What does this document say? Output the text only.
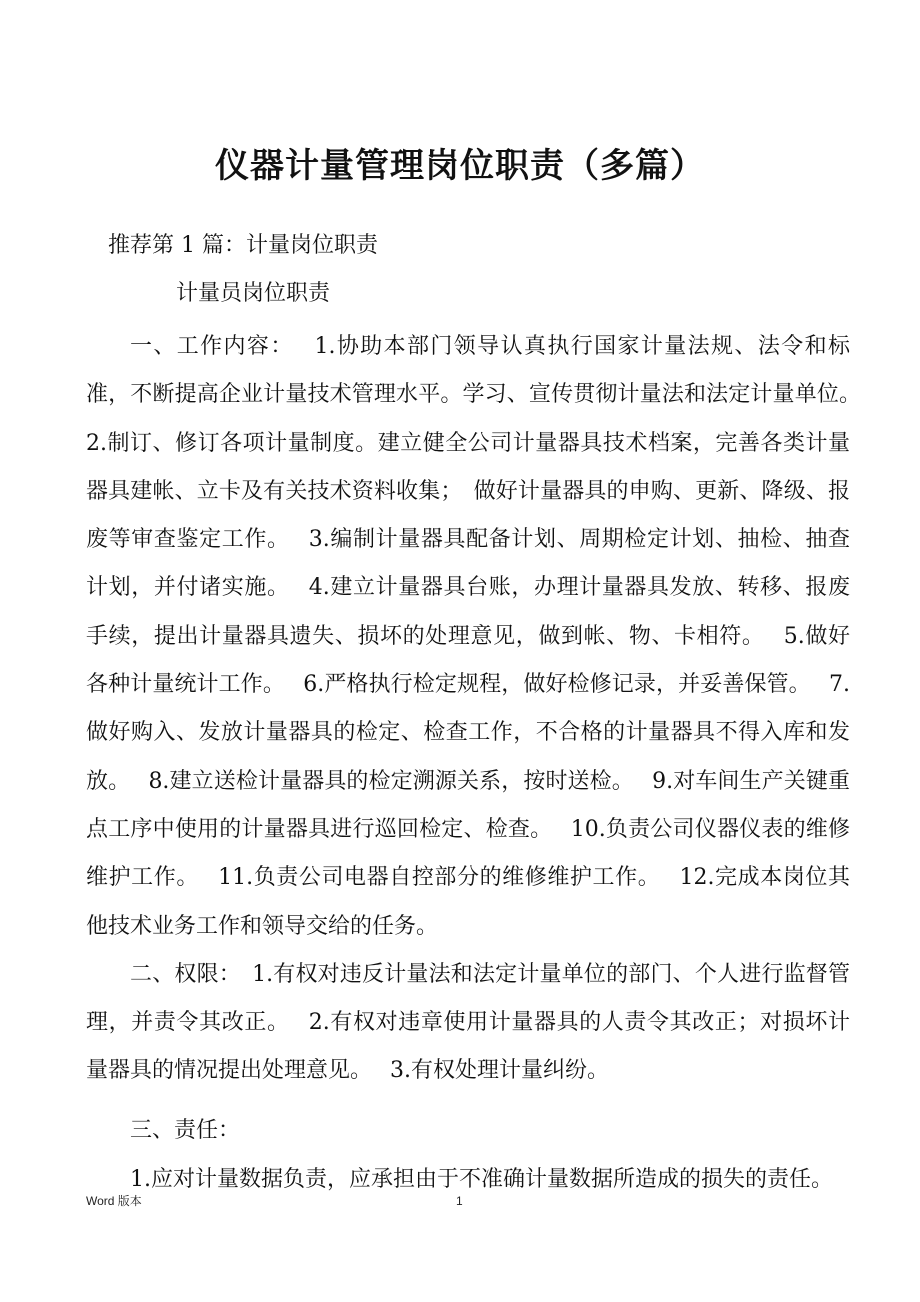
仪器计量管理岗位职责（多篇）
推荐第 1 篇：计量岗位职责
计量员岗位职责

一、工作内容：　 1.协助本部门领导认真执行国家计量法规、法令和标准，不断提高企业计量技术管理水平。学习、宣传贯彻计量法和法定计量单位。　 2.制订、修订各项计量制度。建立健全公司计量器具技术档案，完善各类计量器具建帐、立卡及有关技术资料收集；　做好计量器具的申购、更新、降级、报废等审查鉴定工作。　 3.编制计量器具配备计划、周期检定计划、抽检、抽查计划，并付诸实施。　 4.建立计量器具台账，办理计量器具发放、转移、报废手续，提出计量器具遗失、损坏的处理意见，做到帐、物、卡相符。　 5.做好各种计量统计工作。　 6.严格执行检定规程，做好检修记录，并妥善保管。　 7.做好购入、发放计量器具的检定、检查工作，不合格的计量器具不得入库和发放。　 8.建立送检计量器具的检定溯源关系，按时送检。　 9.对车间生产关键重点工序中使用的计量器具进行巡回检定、检查。　 10.负责公司仪器仪表的维修维护工作。　 11.负责公司电器自控部分的维修维护工作。　 12.完成本岗位其他技术业务工作和领导交给的任务。

二、权限：　1.有权对违反计量法和法定计量单位的部门、个人进行监督管理，并责令其改正。　 2.有权对违章使用计量器具的人责令其改正；对损坏计量器具的情况提出处理意见。　 3.有权处理计量纠纷。

三、责任：

1.应对计量数据负责，应承担由于不准确计量数据所造成的损失的责任。

Word 版本	1
